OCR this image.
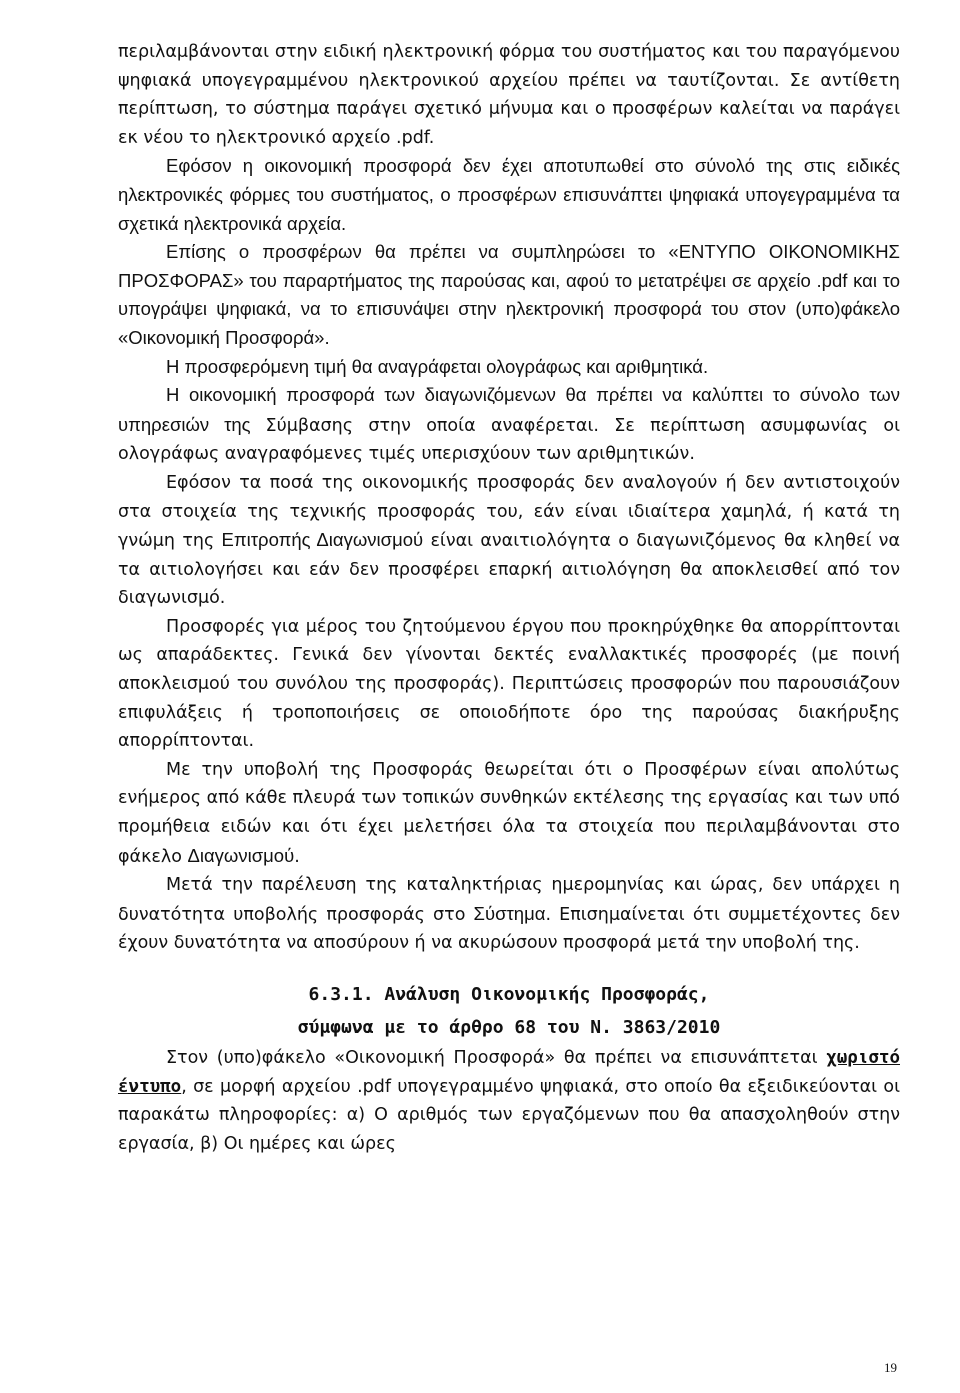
περιλαμβάνονται στην ειδική ηλεκτρονική φόρμα του συστήματος και του παραγόμενου ψηφιακά υπογεγραμμένου ηλεκτρονικού αρχείου πρέπει να ταυτίζονται. Σε αντίθετη περίπτωση, το σύστημα παράγει σχετικό μήνυμα και ο προσφέρων καλείται να παράγει εκ νέου το ηλεκτρονικό αρχείο .pdf.

Εφόσον η οικονομική προσφορά δεν έχει αποτυπωθεί στο σύνολό της στις ειδικές ηλεκτρονικές φόρμες του συστήματος, ο προσφέρων επισυνάπτει ψηφιακά υπογεγραμμένα τα σχετικά ηλεκτρονικά αρχεία.

Επίσης ο προσφέρων θα πρέπει να συμπληρώσει το «ΕΝΤΥΠΟ ΟΙΚΟΝΟΜΙΚΗΣ ΠΡΟΣΦΟΡΑΣ» του παραρτήματος της παρούσας και, αφού το μετατρέψει σε αρχείο .pdf και το υπογράψει ψηφιακά, να το επισυνάψει στην ηλεκτρονική προσφορά του στον (υπο)φάκελο «Οικονομική Προσφορά».

Η προσφερόμενη τιμή θα αναγράφεται ολογράφως και αριθμητικά.

Η οικονομική προσφορά των διαγωνιζόμενων θα πρέπει να καλύπτει το σύνολο των υπηρεσιών της Σύμβασης στην οποία αναφέρεται. Σε περίπτωση ασυμφωνίας οι ολογράφως αναγραφόμενες τιμές υπερισχύουν των αριθμητικών.

Εφόσον τα ποσά της οικονομικής προσφοράς δεν αναλογούν ή δεν αντιστοιχούν στα στοιχεία της τεχνικής προσφοράς του, εάν είναι ιδιαίτερα χαμηλά, ή κατά τη γνώμη της Επιτροπής Διαγωνισμού είναι αναιτιολόγητα ο διαγωνιζόμενος θα κληθεί να τα αιτιολογήσει και εάν δεν προσφέρει επαρκή αιτιολόγηση θα αποκλεισθεί από τον διαγωνισμό.

Προσφορές για μέρος του ζητούμενου έργου που προκηρύχθηκε θα απορρίπτονται ως απαράδεκτες. Γενικά δεν γίνονται δεκτές εναλλακτικές προσφορές (με ποινή αποκλεισμού του συνόλου της προσφοράς). Περιπτώσεις προσφορών που παρουσιάζουν επιφυλάξεις ή τροποποιήσεις σε οποιοδήποτε όρο της παρούσας διακήρυξης απορρίπτονται.

Με την υποβολή της Προσφοράς θεωρείται ότι ο Προσφέρων είναι απολύτως ενήμερος από κάθε πλευρά των τοπικών συνθηκών εκτέλεσης της εργασίας και των υπό προμήθεια ειδών και ότι έχει μελετήσει όλα τα στοιχεία που περιλαμβάνονται στο φάκελο Διαγωνισμού.

Μετά την παρέλευση της καταληκτήριας ημερομηνίας και ώρας, δεν υπάρχει η δυνατότητα υποβολής προσφοράς στο Σύστημα. Επισημαίνεται ότι συμμετέχοντες δεν έχουν δυνατότητα να αποσύρουν ή να ακυρώσουν προσφορά μετά την υποβολή της.

6.3.1. Ανάλυση Οικονομικής Προσφοράς,
σύμφωνα με το άρθρο 68 του Ν. 3863/2010

Στον (υπο)φάκελο «Οικονομική Προσφορά» θα πρέπει να επισυνάπτεται χωριστό έντυπο, σε μορφή αρχείου .pdf υπογεγραμμένο ψηφιακά, στο οποίο θα εξειδικεύονται οι παρακάτω πληροφορίες: α) Ο αριθμός των εργαζόμενων που θα απασχοληθούν στην εργασία, β) Οι ημέρες και ώρες

19
